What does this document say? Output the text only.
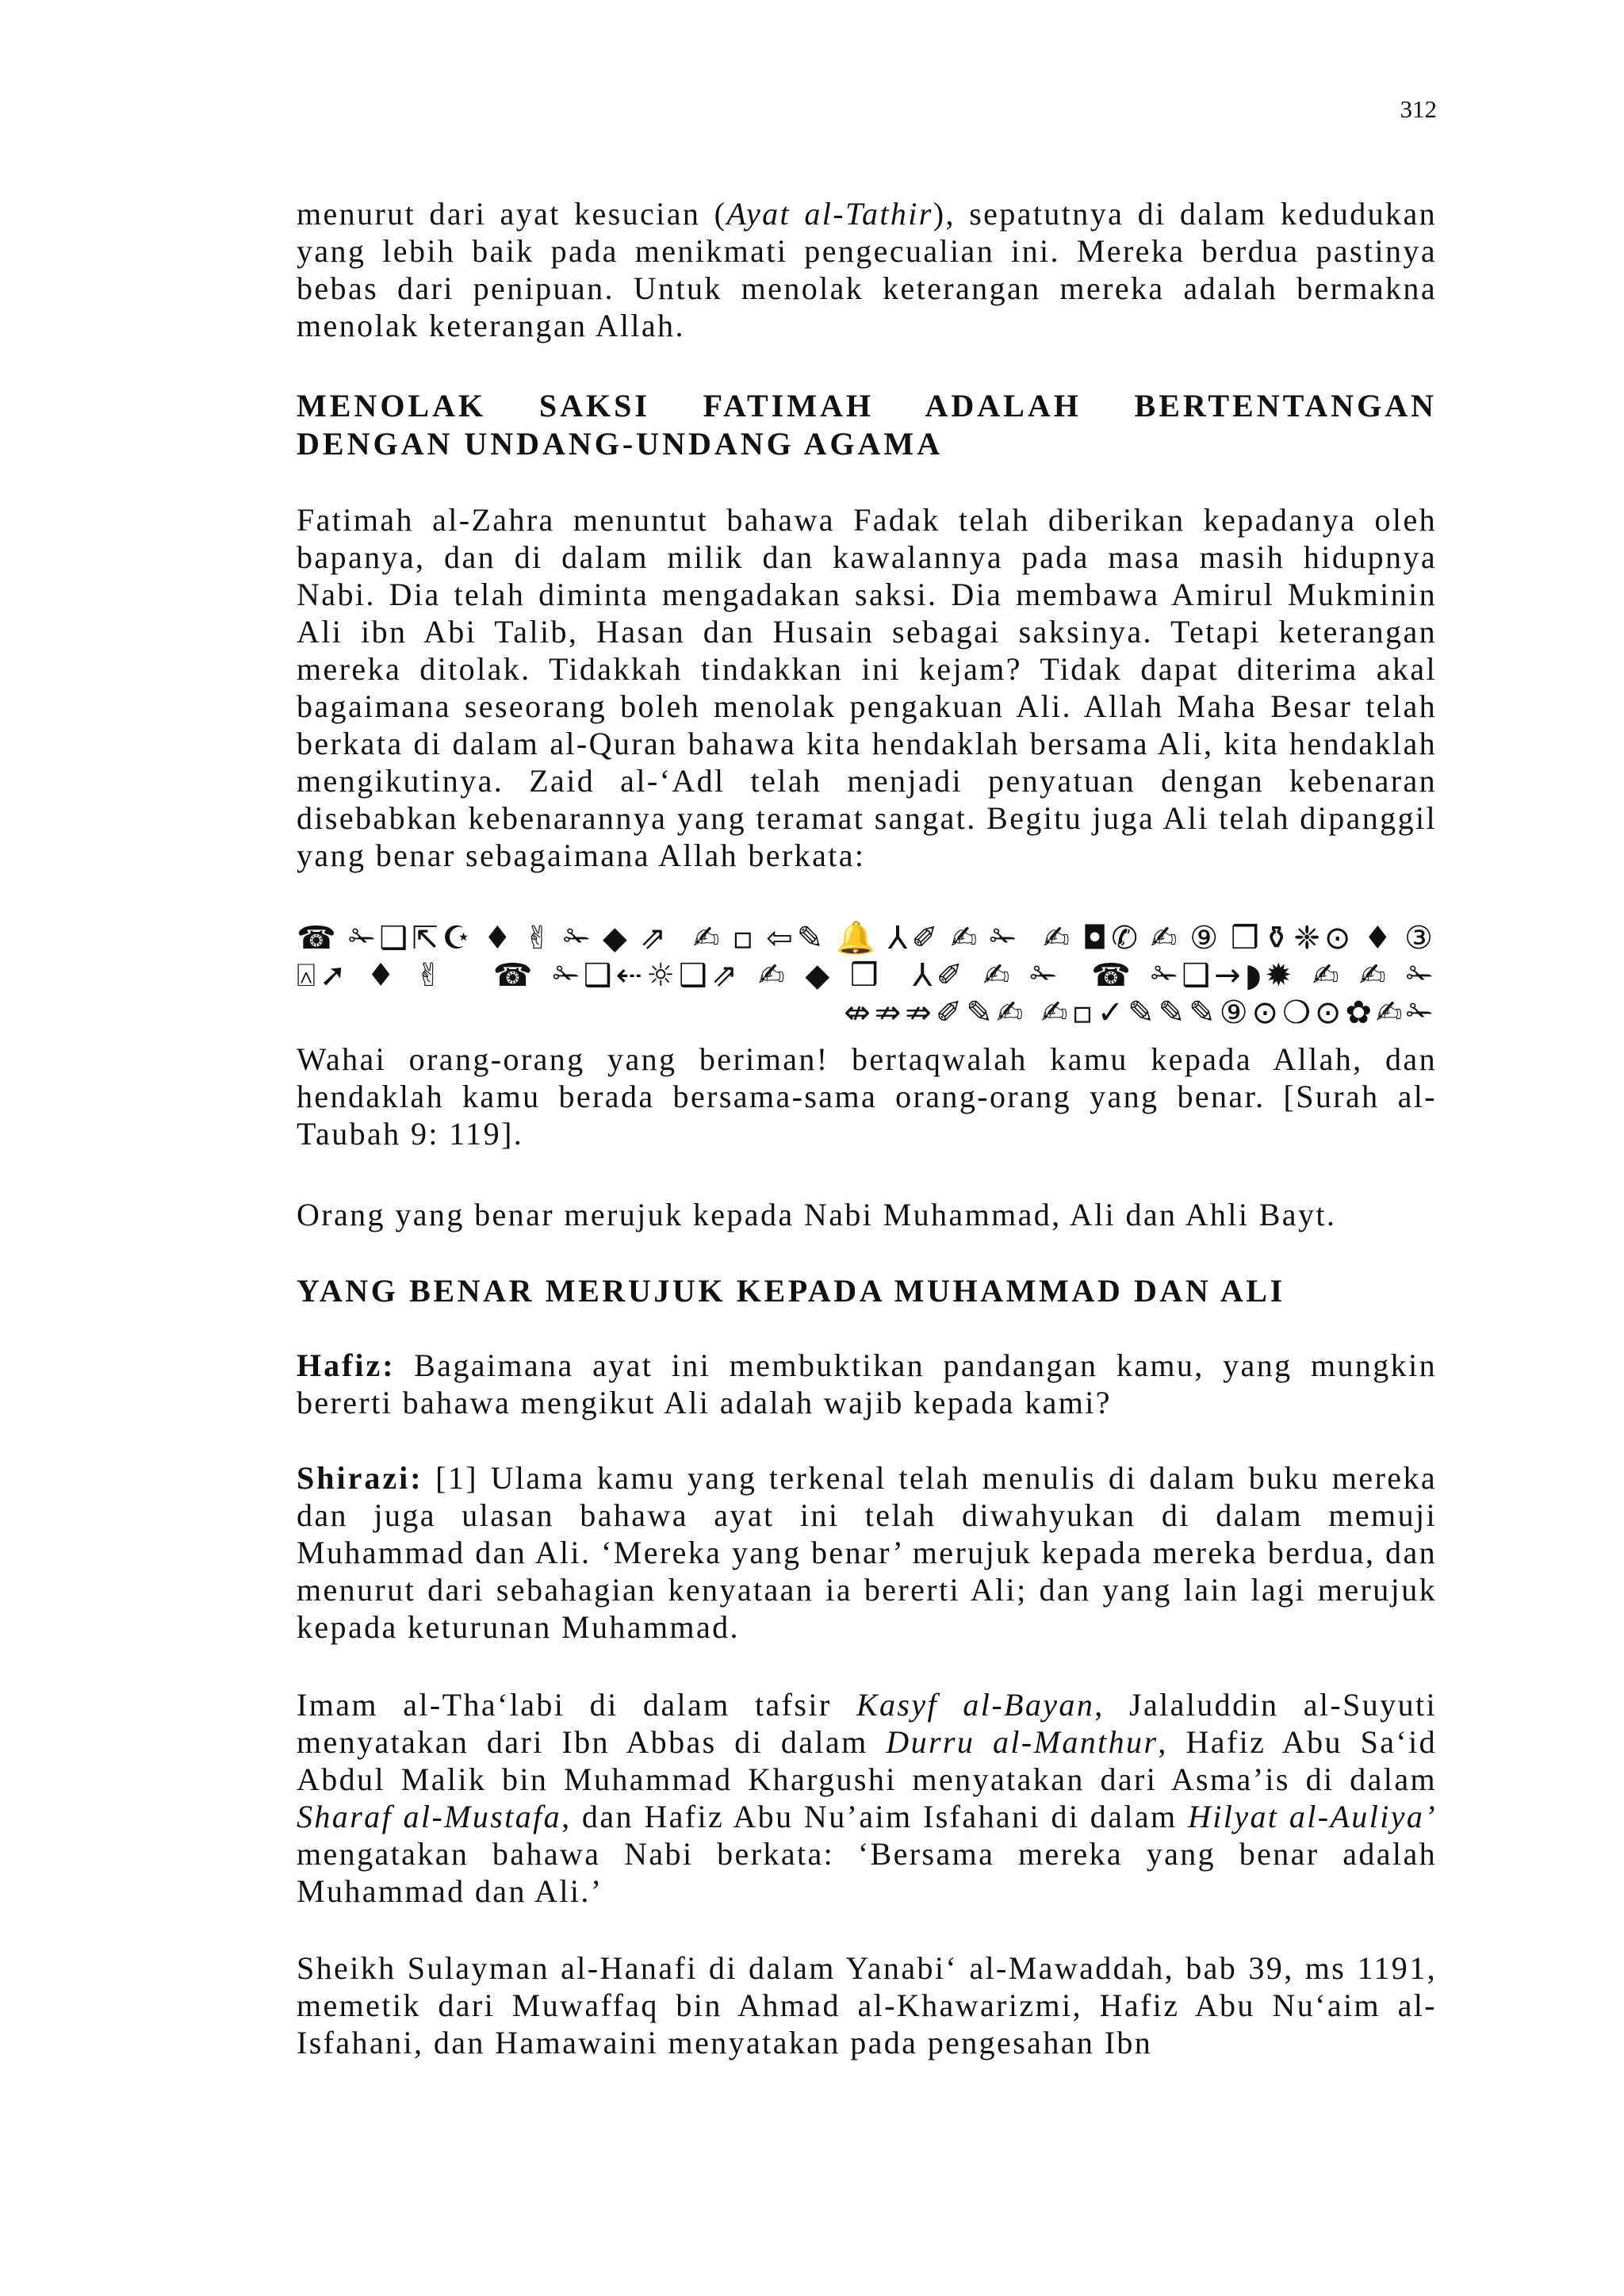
312
menurut dari ayat kesucian (Ayat al-Tathir), sepatutnya di dalam kedudukan yang lebih baik pada menikmati pengecualian ini. Mereka berdua pastinya bebas dari penipuan. Untuk menolak keterangan mereka adalah bermakna menolak keterangan Allah.
MENOLAK SAKSI FATIMAH ADALAH BERTENTANGAN DENGAN UNDANG-UNDANG AGAMA
Fatimah al-Zahra menuntut bahawa Fadak telah diberikan kepadanya oleh bapanya, dan di dalam milik dan kawalannya pada masa masih hidupnya Nabi. Dia telah diminta mengadakan saksi. Dia membawa Amirul Mukminin Ali ibn Abi Talib, Hasan dan Husain sebagai saksinya. Tetapi keterangan mereka ditolak. Tidakkah tindakkan ini kejam? Tidak dapat diterima akal bagaimana seseorang boleh menolak pengakuan Ali. Allah Maha Besar telah berkata di dalam al-Quran bahawa kita hendaklah bersama Ali, kita hendaklah mengikutinya. Zaid al-‘Adl telah menjadi penyatuan dengan kebenaran disebabkan kebenarannya yang teramat sangat. Begitu juga Ali telah dipanggil yang benar sebagaimana Allah berkata:
☎✁❑⇱☪♦✌✁◆⇗ ✍▫⇦✎🔔⅄✐✍✁ ✍◘✆✍⑨❒⚱❈⊙♦③
⍓➚♦✌ ☎✁❑⇠☼❑⇗✍◆❒ ⅄✐✍✁ ☎✁❑→◗✹✍✍✁
⇎⇏⇏✐✎✍ ✍▫✓✎✎✎⑨⊙❍⊙✿✍✁
Wahai orang-orang yang beriman! bertaqwalah kamu kepada Allah, dan hendaklah kamu berada bersama-sama orang-orang yang benar. [Surah al-Taubah 9: 119].
Orang yang benar merujuk kepada Nabi Muhammad, Ali dan Ahli Bayt.
YANG BENAR MERUJUK KEPADA MUHAMMAD DAN ALI
Hafiz: Bagaimana ayat ini membuktikan pandangan kamu, yang mungkin bererti bahawa mengikut Ali adalah wajib kepada kami?
Shirazi: [1] Ulama kamu yang terkenal telah menulis di dalam buku mereka dan juga ulasan bahawa ayat ini telah diwahyukan di dalam memuji Muhammad dan Ali. ‘Mereka yang benar’ merujuk kepada mereka berdua, dan menurut dari sebahagian kenyataan ia bererti Ali; dan yang lain lagi merujuk kepada keturunan Muhammad.
Imam al-Tha‘labi di dalam tafsir Kasyf al-Bayan, Jalaluddin al-Suyuti menyatakan dari Ibn Abbas di dalam Durru al-Manthur, Hafiz Abu Sa‘id Abdul Malik bin Muhammad Khargushi menyatakan dari Asma’is di dalam Sharaf al-Mustafa, dan Hafiz Abu Nu’aim Isfahani di dalam Hilyat al-Auliya’ mengatakan bahawa Nabi berkata: ‘Bersama mereka yang benar adalah Muhammad dan Ali.’
Sheikh Sulayman al-Hanafi di dalam Yanabi‘ al-Mawaddah, bab 39, ms 1191, memetik dari Muwaffaq bin Ahmad al-Khawarizmi, Hafiz Abu Nu‘aim al-Isfahani, dan Hamawaini menyatakan pada pengesahan Ibn
